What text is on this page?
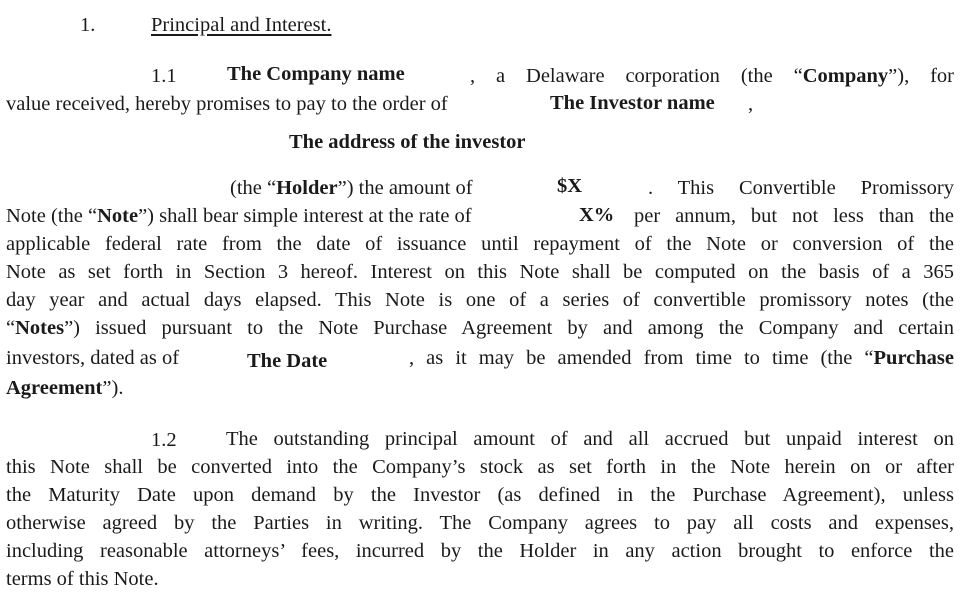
1.	Principal and Interest.
1.1 The Company name	, a Delaware corporation (the “Company”), for
value received, hereby promises to pay to the order of	The Investor name ,
The address of the investor
(the “Holder”) the amount of	$X	. This Convertible Promissory
Note (the “Note”) shall bear simple interest at the rate of	X% per annum, but not less than the
applicable federal rate from the date of issuance until repayment of the Note or conversion of the
Note as set forth in Section 3 hereof. Interest on this Note shall be computed on the basis of a 365
day year and actual days elapsed. This Note is one of a series of convertible promissory notes (the
“Notes”) issued pursuant to the Note Purchase Agreement by and among the Company and certain
investors, dated as of	The Date	, as it may be amended from time to time (the “Purchase
Agreement”).
1.2 The outstanding principal amount of and all accrued but unpaid interest on
this Note shall be converted into the Company’s stock as set forth in the Note herein on or after
the Maturity Date upon demand by the Investor (as defined in the Purchase Agreement), unless
otherwise agreed by the Parties in writing. The Company agrees to pay all costs and expenses,
including reasonable attorneys’ fees, incurred by the Holder in any action brought to enforce the
terms of this Note.
